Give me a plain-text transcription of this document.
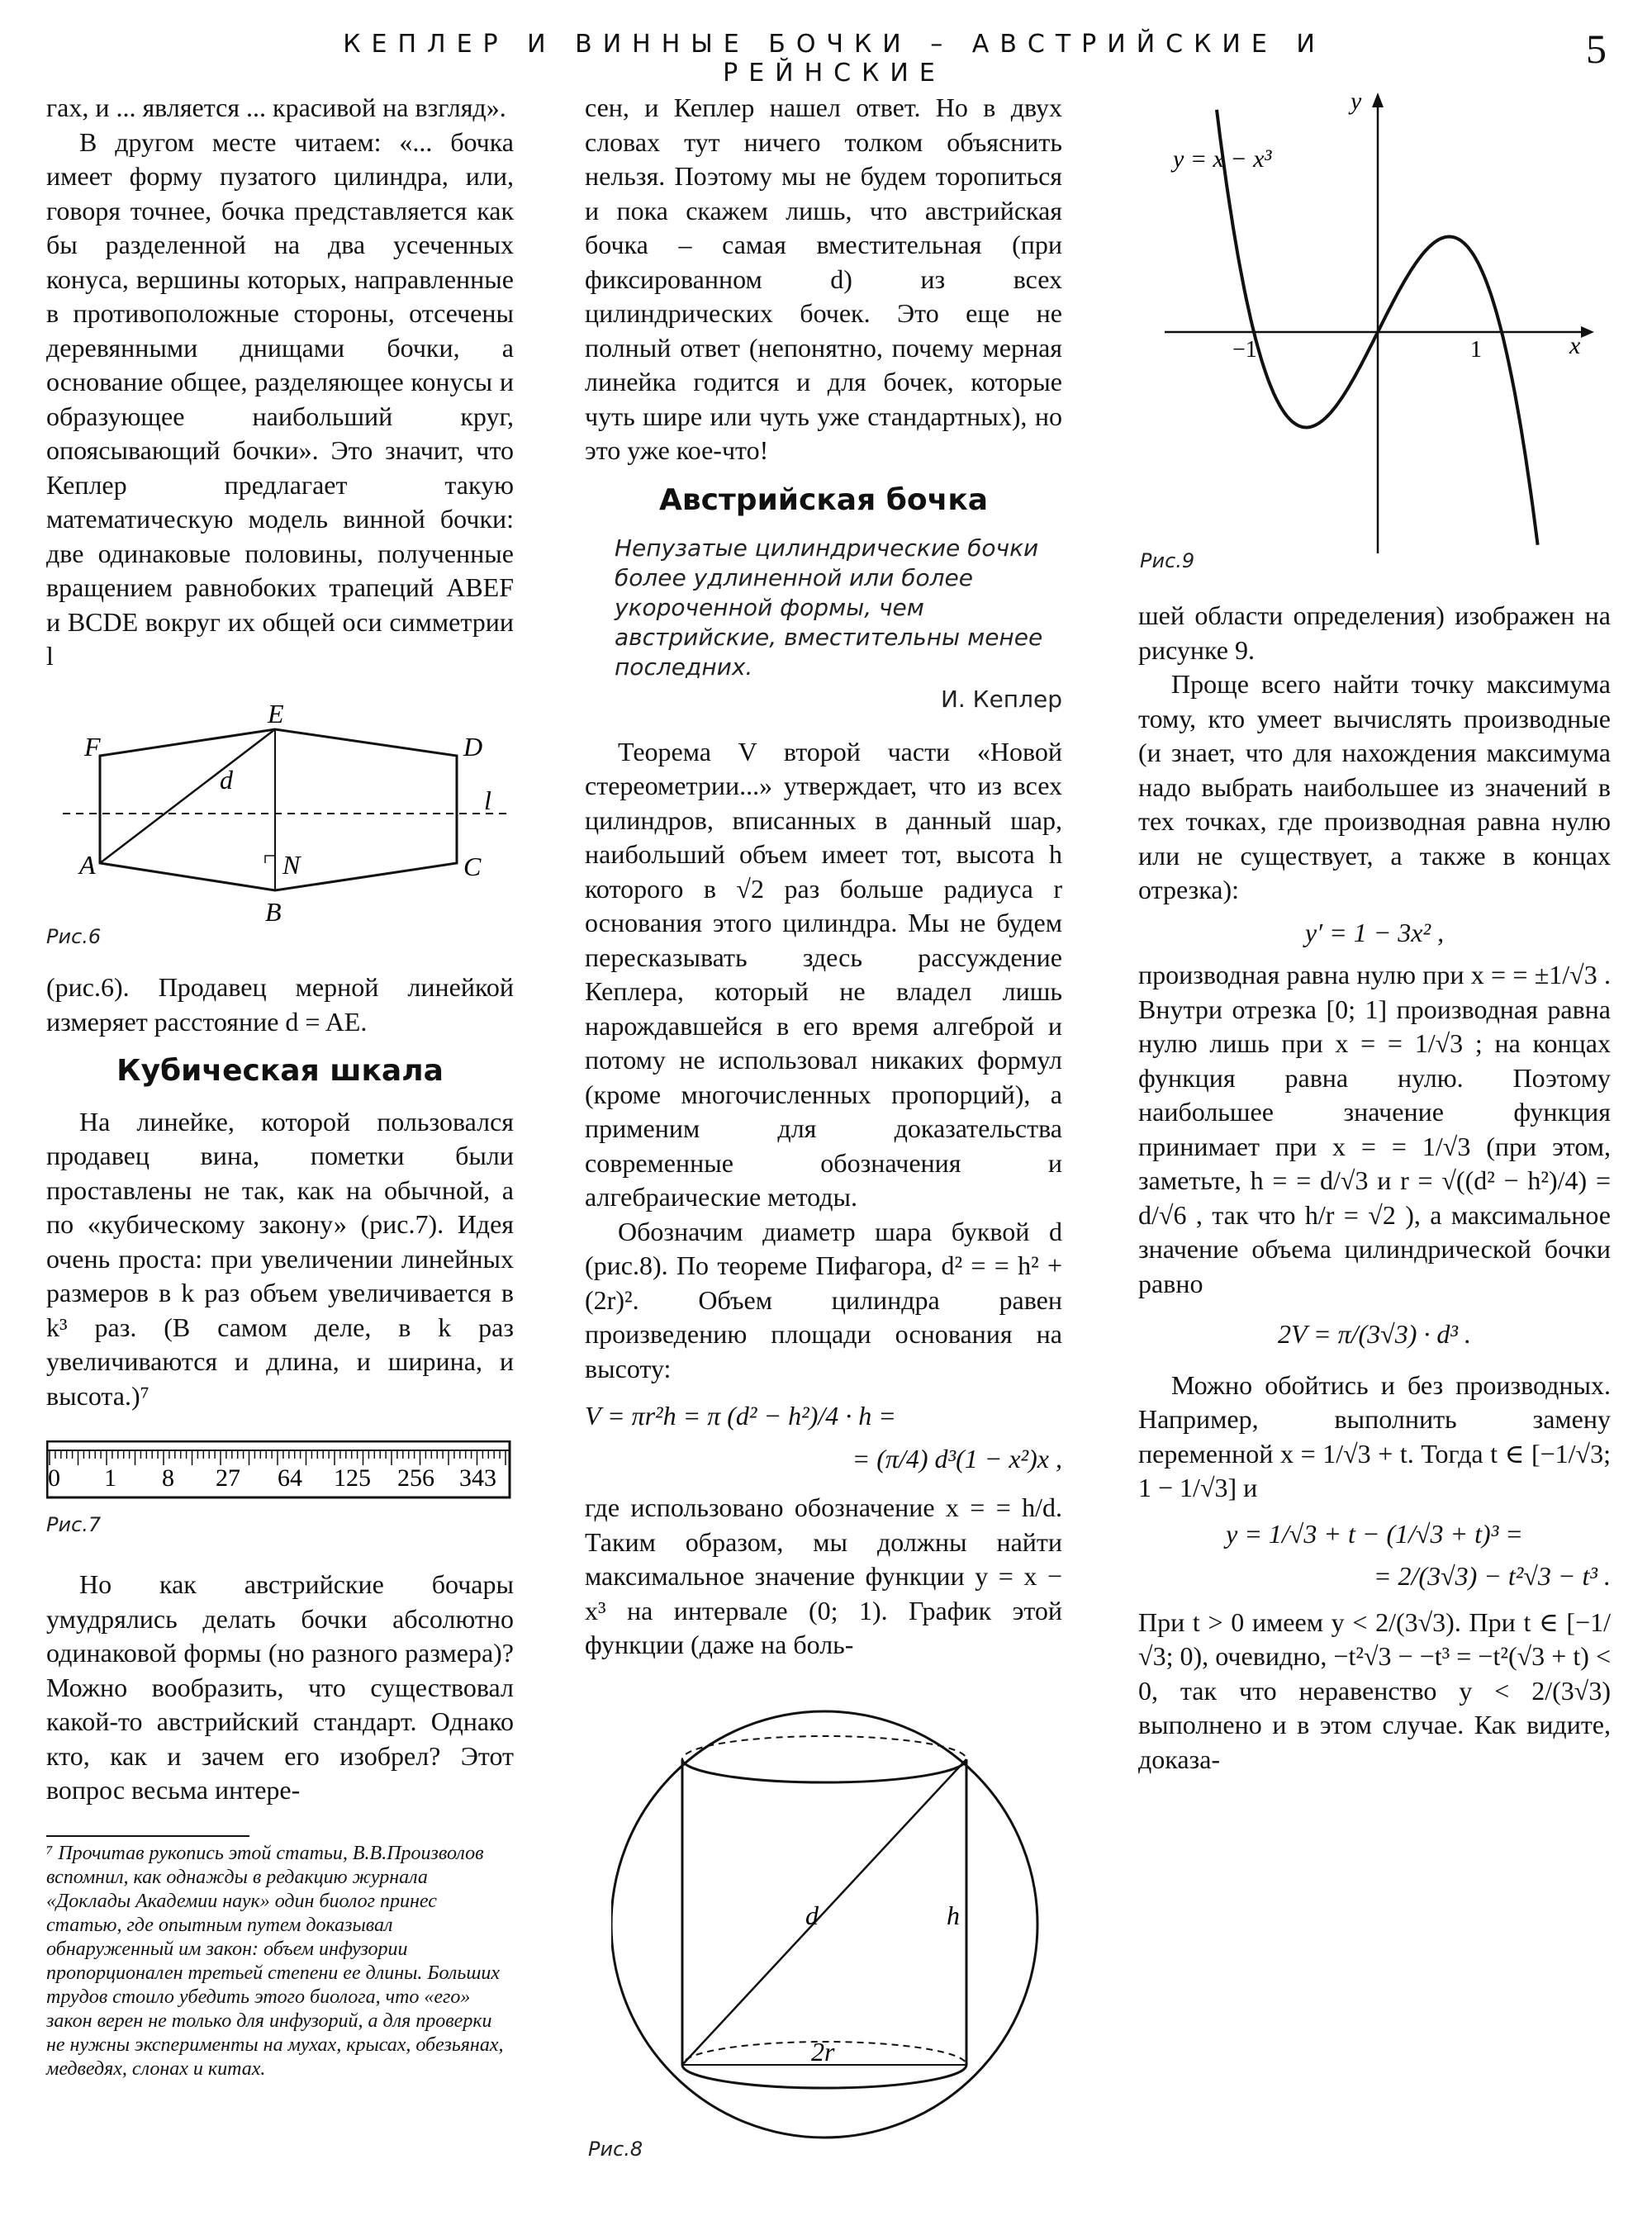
КЕПЛЕР И ВИННЫЕ БОЧКИ – АВСТРИЙСКИЕ И РЕЙНСКИЕ
5

гах, и ... является ... красивой на взгляд».

В другом месте читаем: «... бочка имеет форму пузатого цилиндра, или, говоря точнее, бочка представляется как бы разделенной на два усеченных конуса, вершины которых, направленные в противоположные стороны, отсечены деревянными днищами бочки, а основание общее, разделяющее конусы и образующее наибольший круг, опоясывающий бочки». Это значит, что Кеплер предлагает такую математическую модель винной бочки: две одинаковые половины, полученные вращением равнобоких трапеций ABEF и BCDE вокруг их общей оси симметрии l

E
F	D
A	N	C
B
d
l
Рис.6

(рис.6). Продавец мерной линейкой измеряет расстояние d = AE.

Кубическая шкала

На линейке, которой пользовался продавец вина, пометки были проставлены не так, как на обычной, а по «кубическому закону» (рис.7). Идея очень проста: при увеличении линейных размеров в k раз объем увеличивается в k³ раз. (В самом деле, в k раз увеличиваются и длина, и ширина, и высота.)⁷

0 1 8 27 64 125 256 343
Рис.7

Но как австрийские бочары умудрялись делать бочки абсолютно одинаковой формы (но разного размера)? Можно вообразить, что существовал какой-то австрийский стандарт. Однако кто, как и зачем его изобрел? Этот вопрос весьма интере-

⁷ Прочитав рукопись этой статьи, В.В.Произволов вспомнил, как однажды в редакцию журнала «Доклады Академии наук» один биолог принес статью, где опытным путем доказывал обнаруженный им закон: объем инфузории пропорционален третьей степени ее длины. Больших трудов стоило убедить этого биолога, что «его» закон верен не только для инфузорий, а для проверки не нужны эксперименты на мухах, крысах, обезьянах, медведях, слонах и китах.

сен, и Кеплер нашел ответ. Но в двух словах тут ничего толком объяснить нельзя. Поэтому мы не будем торопиться и пока скажем лишь, что австрийская бочка – самая вместительная (при фиксированном d) из всех цилиндрических бочек. Это еще не полный ответ (непонятно, почему мерная линейка годится и для бочек, которые чуть шире или чуть уже стандартных), но это уже кое-что!

Австрийская бочка
Непузатые цилиндрические бочки более удлиненной или более укороченной формы, чем австрийские, вместительны менее последних.
И. Кеплер

Теорема V второй части «Новой стереометрии...» утверждает, что из всех цилиндров, вписанных в данный шар, наибольший объем имеет тот, высота h которого в √2 раз больше радиуса r основания этого цилиндра. Мы не будем пересказывать здесь рассуждение Кеплера, который не владел лишь нарождавшейся в его время алгеброй и потому не использовал никаких формул (кроме многочисленных пропорций), а применим для доказательства современные обозначения и алгебраические методы.

Обозначим диаметр шара буквой d (рис.8). По теореме Пифагора, d² = = h² + (2r)². Объем цилиндра равен произведению площади основания на высоту:

V = πr²h = π (d² − h²)/4 · h =
= (π/4) d³(1 − x²)x ,

где использовано обозначение x = = h/d. Таким образом, мы должны найти максимальное значение функции y = x − x³ на интервале (0; 1). График этой функции (даже на боль-

d	h
2r
Рис.8
y
x
−1	1
y = x − x³
Рис.9

шей области определения) изображен на рисунке 9.

Проще всего найти точку максимума тому, кто умеет вычислять производные (и знает, что для нахождения максимума надо выбрать наибольшее из значений в тех точках, где производная равна нулю или не существует, а также в концах отрезка):

y′ = 1 − 3x² ,

производная равна нулю при x = = ±1/√3 . Внутри отрезка [0; 1] производная равна нулю лишь при x = = 1/√3 ; на концах функция равна нулю. Поэтому наибольшее значение функция принимает при x = = 1/√3 (при этом, заметьте, h = = d/√3 и r = √((d² − h²)/4) = d/√6 , так что h/r = √2 ), а максимальное значение объема цилиндрической бочки равно

2V = π/(3√3) · d³ .

Можно обойтись и без производных. Например, выполнить замену переменной x = 1/√3 + t. Тогда t ∈ [−1/√3; 1 − 1/√3] и

y = 1/√3 + t − (1/√3 + t)³ =
= 2/(3√3) − t²√3 − t³ .

При t > 0 имеем y < 2/(3√3). При t ∈ [−1/√3; 0), очевидно, −t²√3 − −t³ = −t²(√3 + t) < 0, так что неравенство y < 2/(3√3) выполнено и в этом случае. Как видите, доказа-
